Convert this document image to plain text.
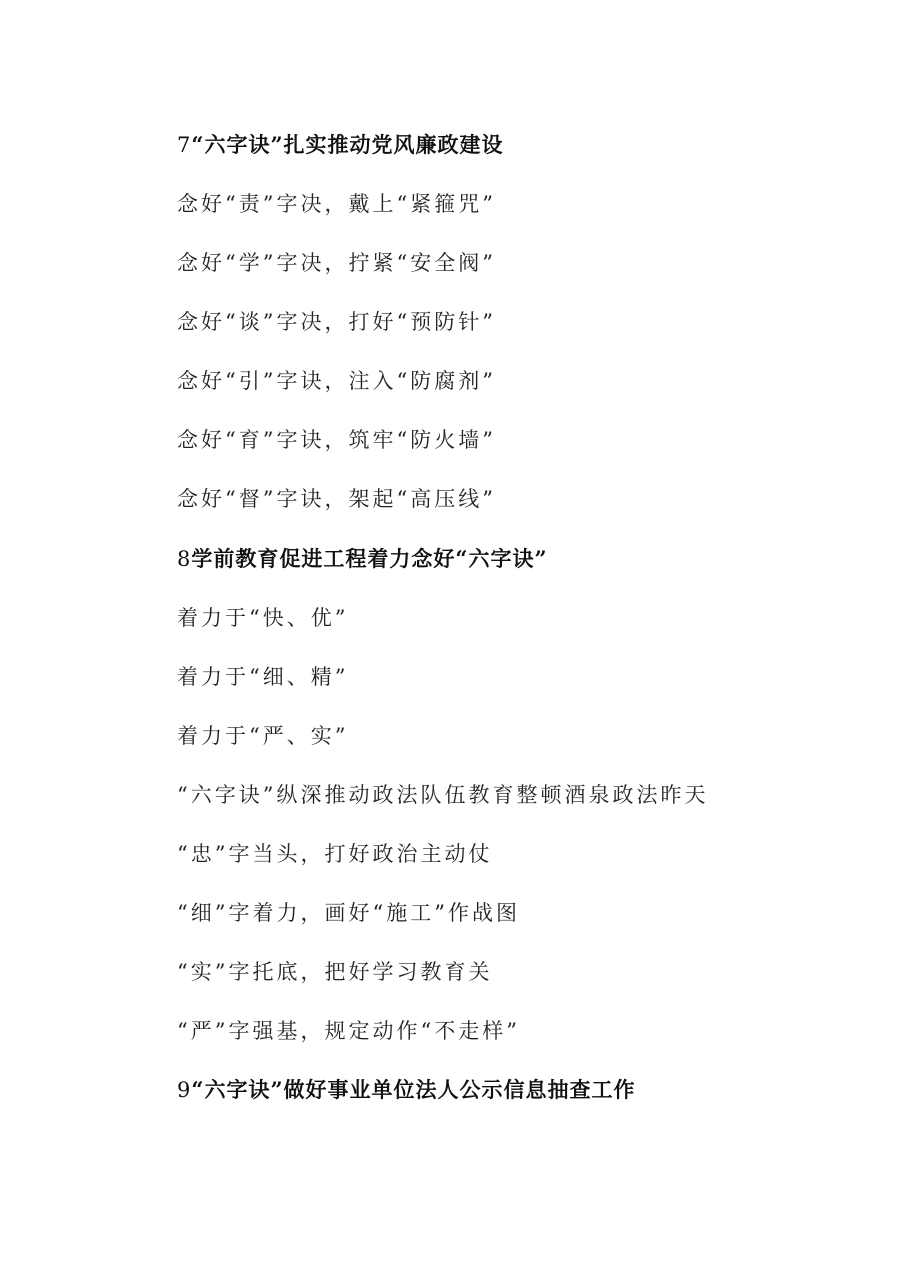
7“六字诀”扎实推动党风廉政建设
念好“责”字决，戴上“紧箍咒”
念好“学”字决，拧紧“安全阀”
念好“谈”字决，打好“预防针”
念好“引”字诀，注入“防腐剂”
念好“育”字诀，筑牢“防火墙”
念好“督”字诀，架起“高压线”
8学前教育促进工程着力念好“六字诀”
着力于“快、优”
着力于“细、精”
着力于“严、实”
“六字诀”纵深推动政法队伍教育整顿酒泉政法昨天
“忠”字当头，打好政治主动仗
“细”字着力，画好“施工”作战图
“实”字托底，把好学习教育关
“严”字强基，规定动作“不走样”
9“六字诀”做好事业单位法人公示信息抽查工作
